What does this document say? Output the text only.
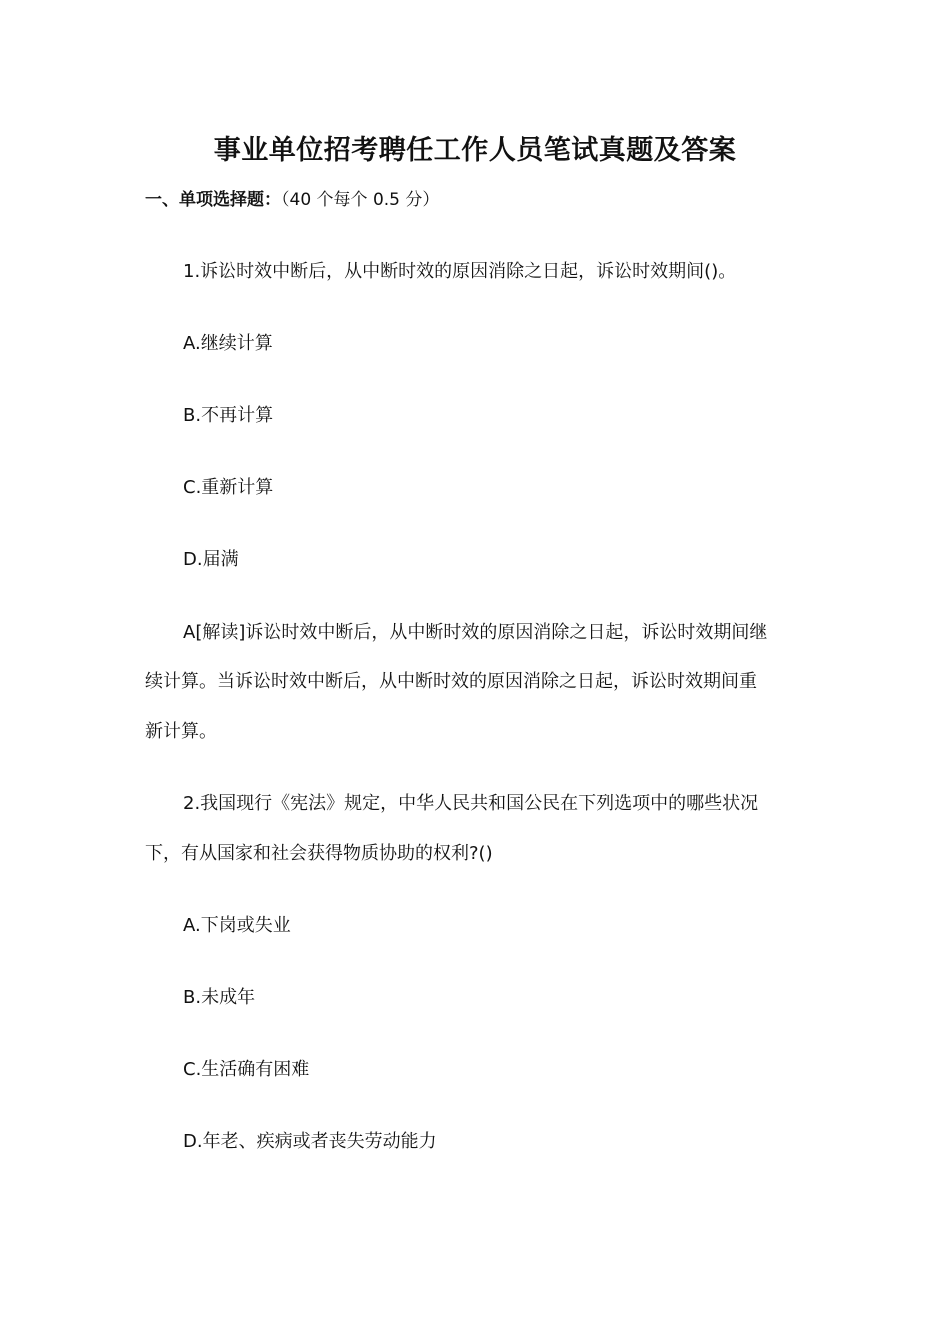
事业单位招考聘任工作人员笔试真题及答案
一、单项选择题：（40 个每个 0.5 分）
1.诉讼时效中断后，从中断时效的原因消除之日起，诉讼时效期间()。
A.继续计算
B.不再计算
C.重新计算
D.届满
A[解读]诉讼时效中断后，从中断时效的原因消除之日起，诉讼时效期间继
续计算。当诉讼时效中断后，从中断时效的原因消除之日起，诉讼时效期间重
新计算。
2.我国现行《宪法》规定，中华人民共和国公民在下列选项中的哪些状况
下，有从国家和社会获得物质协助的权利?()
A.下岗或失业
B.未成年
C.生活确有困难
D.年老、疾病或者丧失劳动能力
